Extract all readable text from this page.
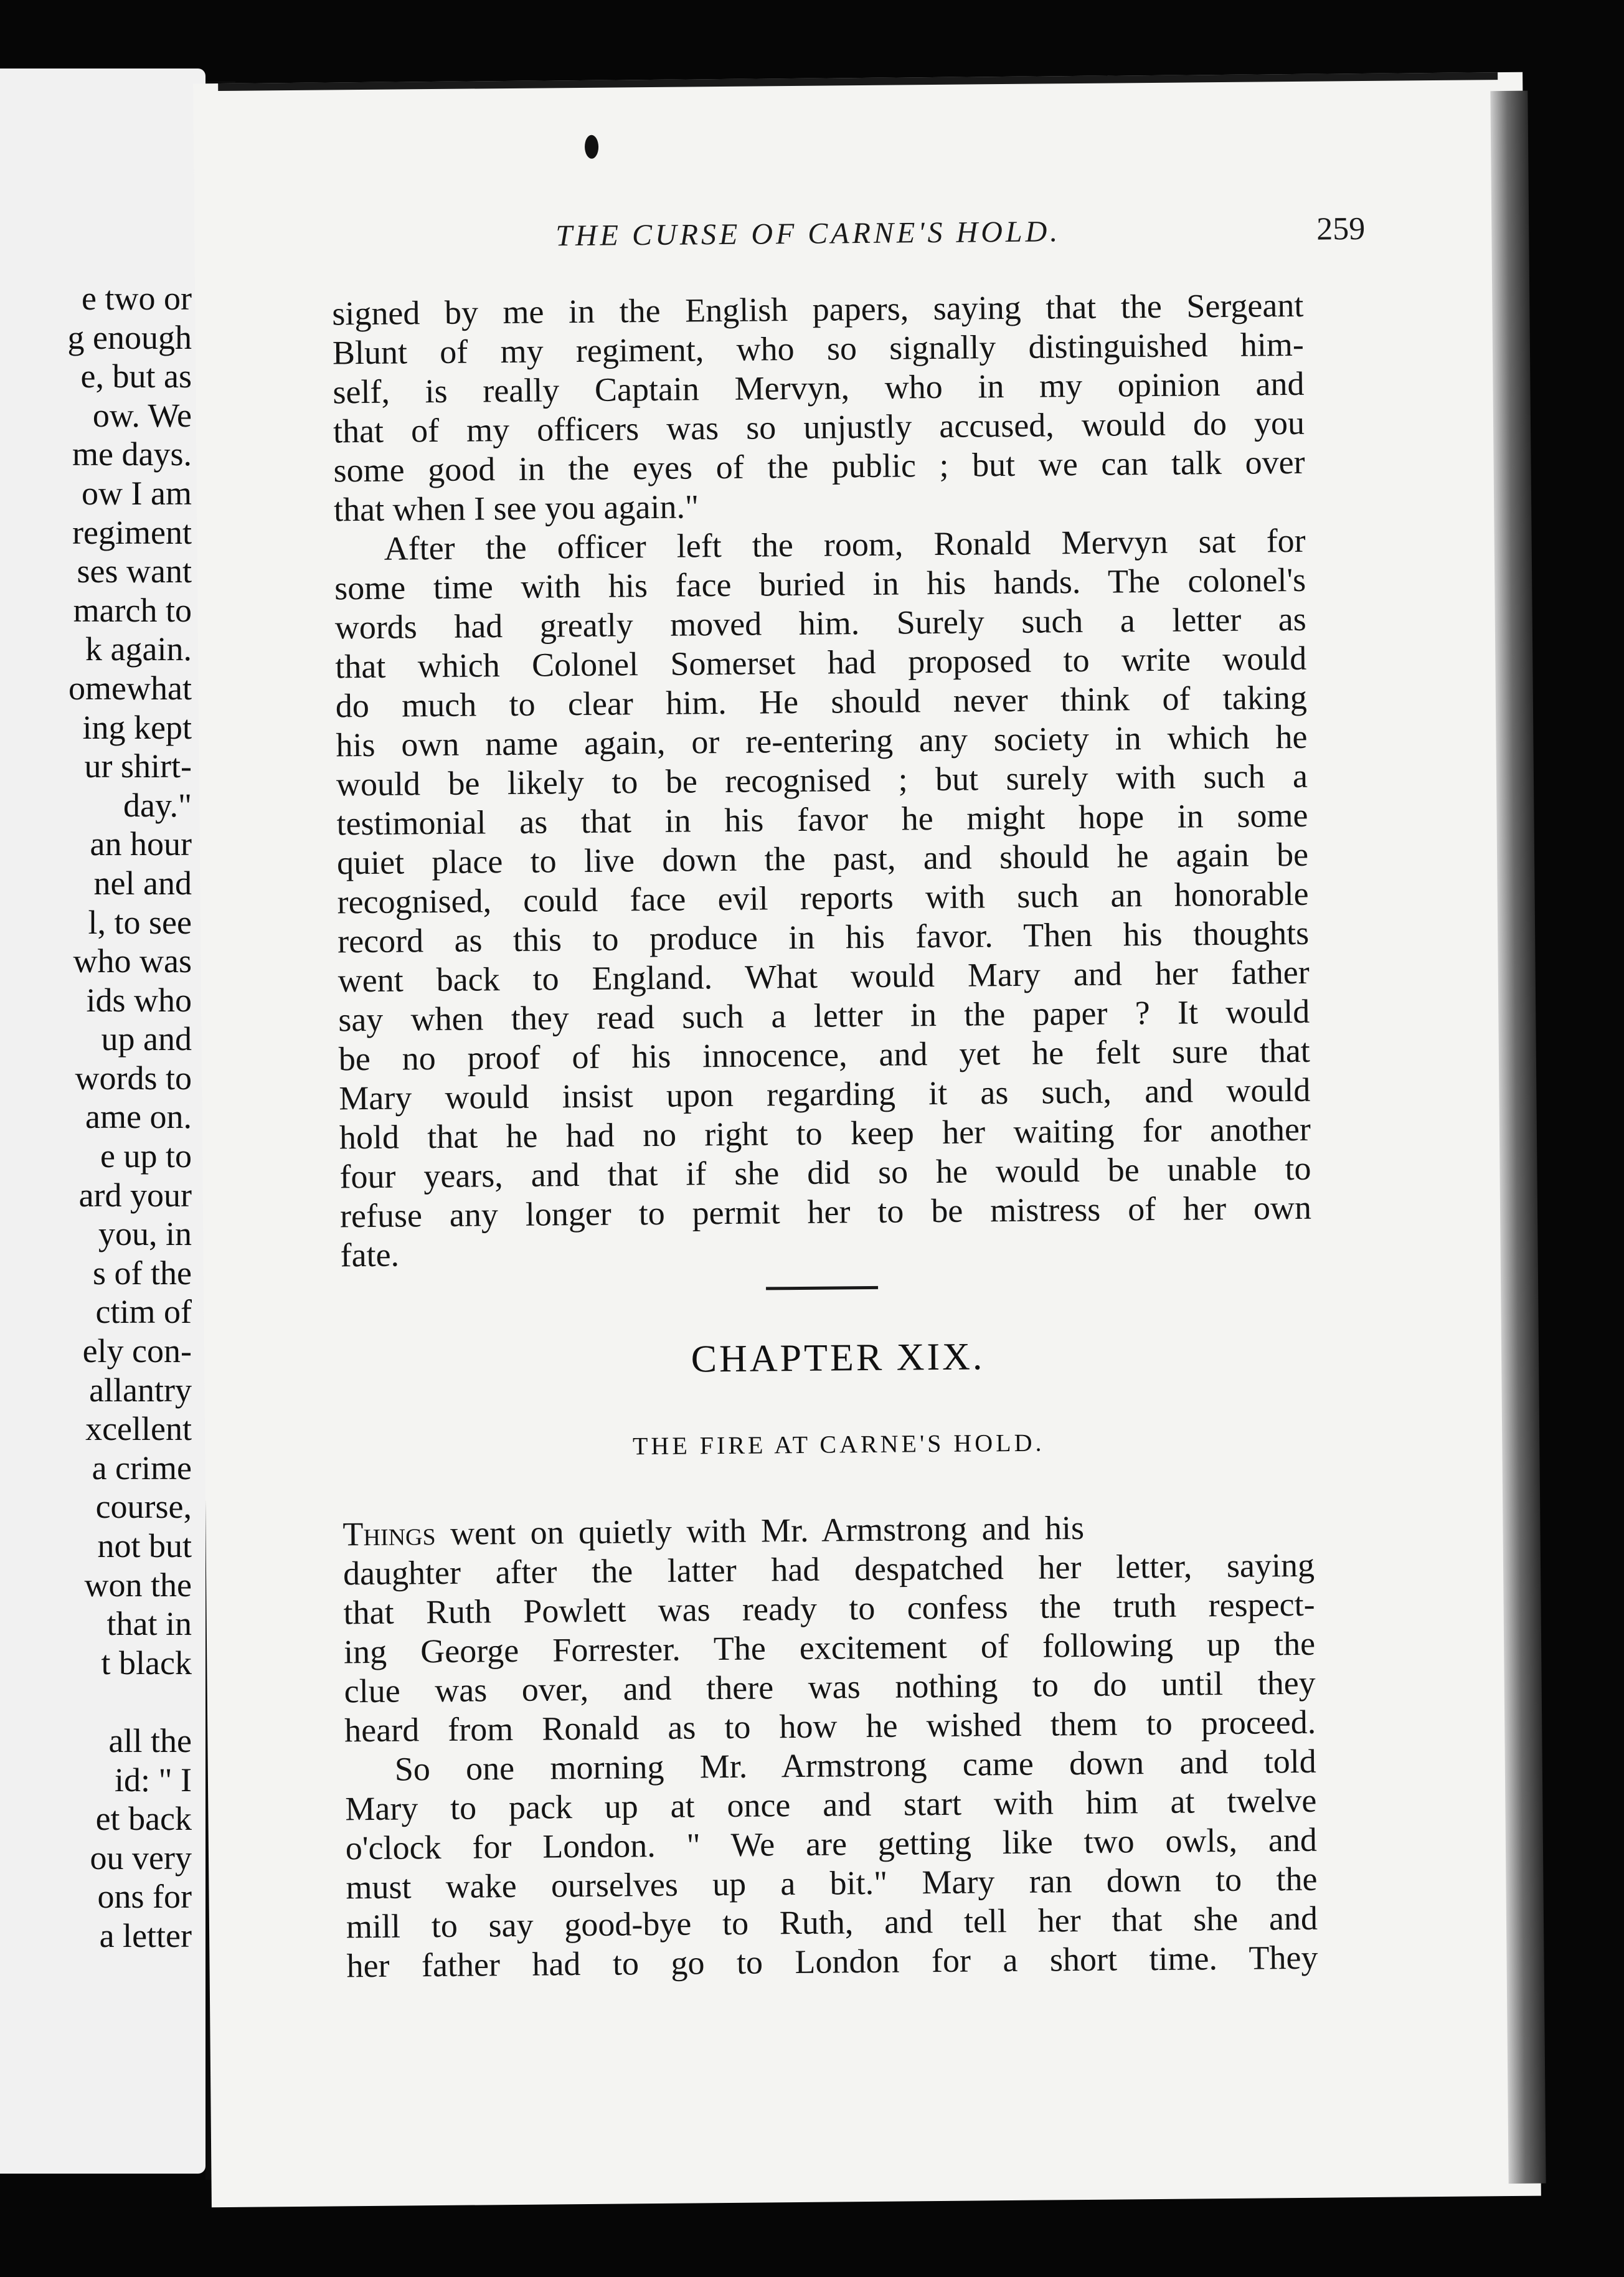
e two or
g enough
e, but as
ow. We
me days.
ow I am
regiment
ses want
march to
k again.
omewhat
ing kept
ur shirt-
day."
an hour
nel and
l, to see
who was
ids who
up and
words to
ame on.
e up to
ard your
you, in
s of the
ctim of
ely con-
allantry
xcellent
a crime
course,
not but
won the
that in
t black
all the
id: " I
et back
ou very
ons for
a letter
THE CURSE OF CARNE'S HOLD.	259
signed by me in the English papers, saying that the Sergeant
Blunt of my regiment, who so signally distinguished him-
self, is really Captain Mervyn, who in my opinion and
that of my officers was so unjustly accused, would do you
some good in the eyes of the public ; but we can talk over
that when I see you again."
After the officer left the room, Ronald Mervyn sat for
some time with his face buried in his hands. The colonel's
words had greatly moved him. Surely such a letter as
that which Colonel Somerset had proposed to write would
do much to clear him. He should never think of taking
his own name again, or re-entering any society in which he
would be likely to be recognised ; but surely with such a
testimonial as that in his favor he might hope in some
quiet place to live down the past, and should he again be
recognised, could face evil reports with such an honorable
record as this to produce in his favor. Then his thoughts
went back to England. What would Mary and her father
say when they read such a letter in the paper ? It would
be no proof of his innocence, and yet he felt sure that
Mary would insist upon regarding it as such, and would
hold that he had no right to keep her waiting for another
four years, and that if she did so he would be unable to
refuse any longer to permit her to be mistress of her own
fate.
CHAPTER XIX.
THE FIRE AT CARNE'S HOLD.
Things went on quietly with Mr. Armstrong and his
daughter after the latter had despatched her letter, saying
that Ruth Powlett was ready to confess the truth respect-
ing George Forrester. The excitement of following up the
clue was over, and there was nothing to do until they
heard from Ronald as to how he wished them to proceed.
So one morning Mr. Armstrong came down and told
Mary to pack up at once and start with him at twelve
o'clock for London. " We are getting like two owls, and
must wake ourselves up a bit." Mary ran down to the
mill to say good-bye to Ruth, and tell her that she and
her father had to go to London for a short time. They
